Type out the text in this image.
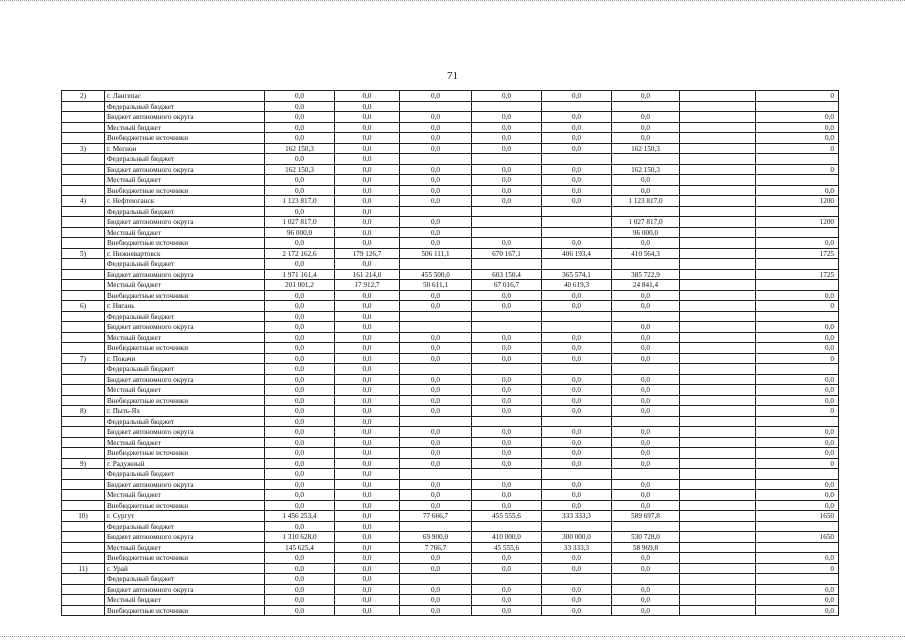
71
2)	г. Лангепас	0,0	0,0	0,0	0,0	0,0	0,0		0
	Федеральный бюджет	0,0	0,0						
	Бюджет автономного округа	0,0	0,0	0,0	0,0	0,0	0,0		0,0
	Местный бюджет	0,0	0,0	0,0	0,0	0,0	0,0		0,0
	Внебюджетные источники	0,0	0,0	0,0	0,0	0,0	0,0		0,0
3)	г. Мегион	162 150,3	0,0	0,0	0,0	0,0	162 150,3		0
	Федеральный бюджет	0,0	0,0						
	Бюджет автономного округа	162 150,3	0,0	0,0	0,0	0,0	162 150,3		0
	Местный бюджет	0,0	0,0	0,0	0,0	0,0	0,0		
	Внебюджетные источники	0,0	0,0	0,0	0,0	0,0	0,0		0,0
4)	г. Нефтеюганск	1 123 817,0	0,0	0,0	0,0	0,0	1 123 817,0		1200
	Федеральный бюджет	0,0	0,0						
	Бюджет автономного округа	1 027 817,0	0,0	0,0			1 027 817,0		1200
	Местный бюджет	96 000,0	0,0	0,0			96 000,0		
	Внебюджетные источники	0,0	0,0	0,0	0,0	0,0	0,0		0,0
5)	г. Нижневартовск	2 172 162,6	179 126,7	506 111,1	670 167,1	406 193,4	410 564,3		1725
	Федеральный бюджет	0,0	0,0						
	Бюджет автономного округа	1 971 161,4	161 214,0	455 500,0	603 150,4	365 574,1	385 722,9		1725
	Местный бюджет	201 001,2	17 912,7	50 611,1	67 016,7	40 619,3	24 841,4		
	Внебюджетные источники	0,0	0,0	0,0	0,0	0,0	0,0		0,0
6)	г. Нягань	0,0	0,0	0,0	0,0	0,0	0,0		0
	Федеральный бюджет	0,0	0,0						
	Бюджет автономного округа	0,0	0,0				0,0		0,0
	Местный бюджет	0,0	0,0	0,0	0,0	0,0	0,0		0,0
	Внебюджетные источники	0,0	0,0	0,0	0,0	0,0	0,0		0,0
7)	г. Покачи	0,0	0,0	0,0	0,0	0,0	0,0		0
	Федеральный бюджет	0,0	0,0						
	Бюджет автономного округа	0,0	0,0	0,0	0,0	0,0	0,0		0,0
	Местный бюджет	0,0	0,0	0,0	0,0	0,0	0,0		0,0
	Внебюджетные источники	0,0	0,0	0,0	0,0	0,0	0,0		0,0
8)	г. Пыть-Ях	0,0	0,0	0,0	0,0	0,0	0,0		0
	Федеральный бюджет	0,0	0,0						
	Бюджет автономного округа	0,0	0,0	0,0	0,0	0,0	0,0		0,0
	Местный бюджет	0,0	0,0	0,0	0,0	0,0	0,0		0,0
	Внебюджетные источники	0,0	0,0	0,0	0,0	0,0	0,0		0,0
9)	г. Радужный	0,0	0,0	0,0	0,0	0,0	0,0		0
	Федеральный бюджет	0,0	0,0						
	Бюджет автономного округа	0,0	0,0	0,0	0,0	0,0	0,0		0,0
	Местный бюджет	0,0	0,0	0,0	0,0	0,0	0,0		0,0
	Внебюджетные источники	0,0	0,0	0,0	0,0	0,0	0,0		0,0
10)	г. Сургут	1 456 253,4	0,0	77 666,7	455 555,6	333 333,3	589 697,8		1650
	Федеральный бюджет	0,0	0,0						
	Бюджет автономного округа	1 310 628,0	0,0	69 900,0	410 000,0	300 000,0	530 728,0		1650
	Местный бюджет	145 625,4	0,0	7 766,7	45 555,6	33 333,3	58 969,8		
	Внебюджетные источники	0,0	0,0	0,0	0,0	0,0	0,0		0,0
11)	г. Урай	0,0	0,0	0,0	0,0	0,0	0,0		0
	Федеральный бюджет	0,0	0,0						
	Бюджет автономного округа	0,0	0,0	0,0	0,0	0,0	0,0		0,0
	Местный бюджет	0,0	0,0	0,0	0,0	0,0	0,0		0,0
	Внебюджетные источники	0,0	0,0	0,0	0,0	0,0	0,0		0,0
